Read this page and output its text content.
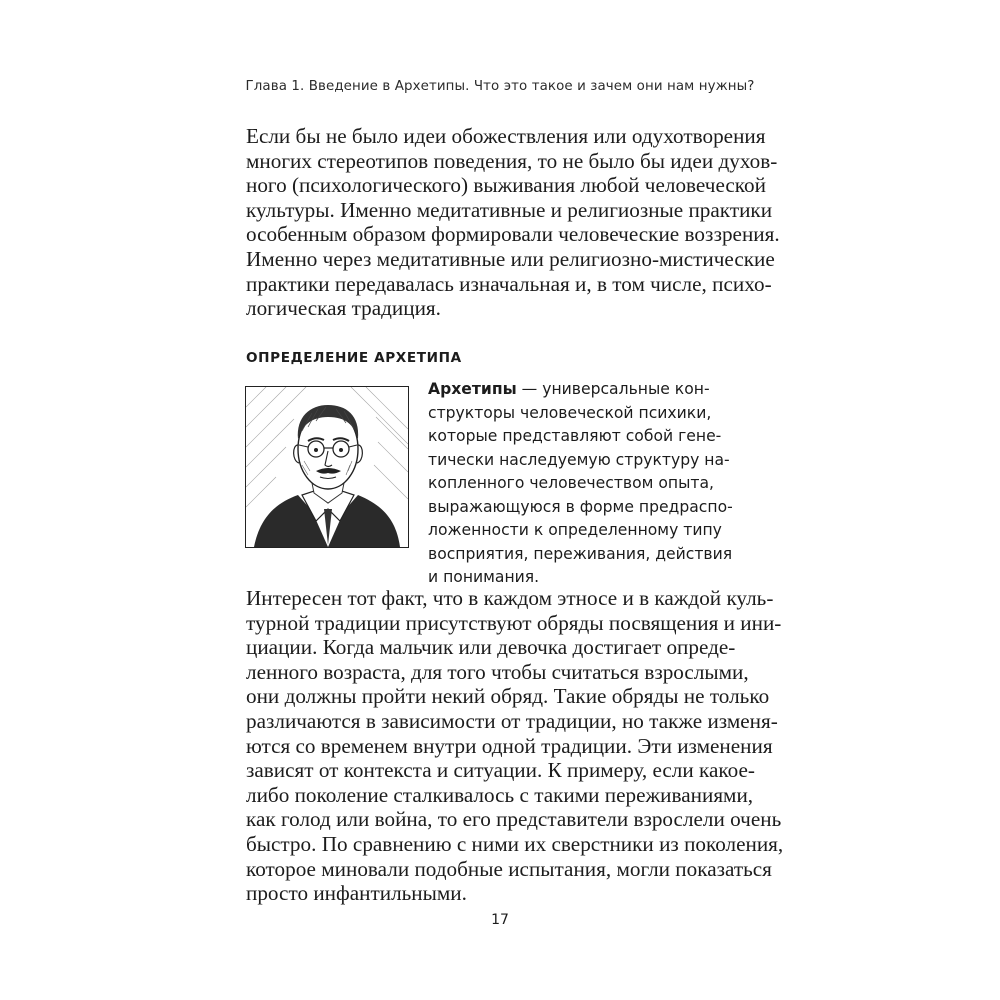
Глава 1. Введение в Архетипы. Что это такое и зачем они нам нужны?
Если бы не было идеи обожествления или одухотворения
многих стереотипов поведения, то не было бы идеи духов-
ного (психологического) выживания любой человеческой
культуры. Именно медитативные и религиозные практики
особенным образом формировали человеческие воззрения.
Именно через медитативные или религиозно-мистические
практики передавалась изначальная и, в том числе, психо-
логическая традиция.
ОПРЕДЕЛЕНИЕ АРХЕТИПА
Архетипы — универсальные кон-
структоры человеческой психики,
которые представляют собой гене-
тически наследуемую структуру на-
копленного человечеством опыта,
выражающуюся в форме предраспо-
ложенности к определенному типу
восприятия, переживания, действия
и понимания.
Интересен тот факт, что в каждом этносе и в каждой куль-
турной традиции присутствуют обряды посвящения и ини-
циации. Когда мальчик или девочка достигает опреде-
ленного возраста, для того чтобы считаться взрослыми,
они должны пройти некий обряд. Такие обряды не только
различаются в зависимости от традиции, но также изменя-
ются со временем внутри одной традиции. Эти изменения
зависят от контекста и ситуации. К примеру, если какое-
либо поколение сталкивалось с такими переживаниями,
как голод или война, то его представители взрослели очень
быстро. По сравнению с ними их сверстники из поколения,
которое миновали подобные испытания, могли показаться
просто инфантильными.
17
